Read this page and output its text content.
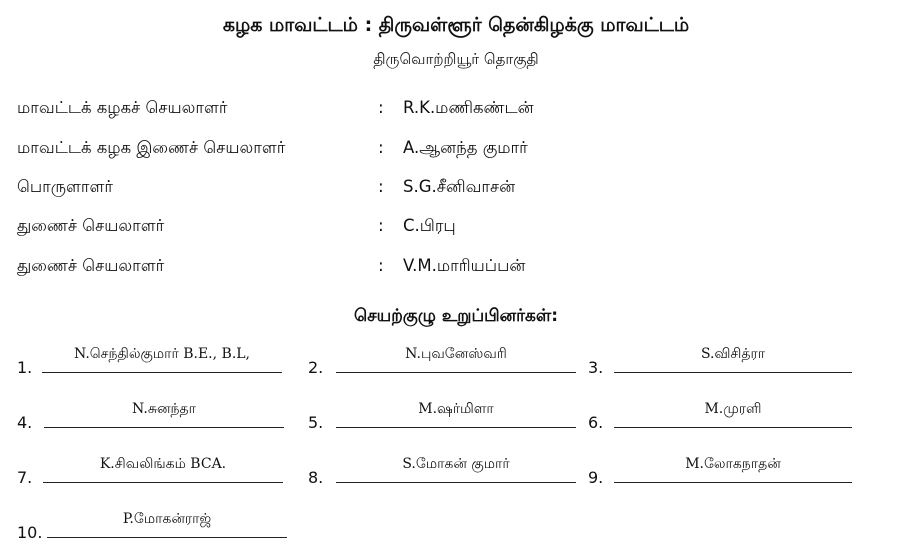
கழக மாவட்டம் : திருவள்ளூர் தென்கிழக்கு மாவட்டம்
திருவொற்றியூர் தொகுதி
மாவட்டக் கழகச் செயலாளர்	: R.K.மணிகண்டன்
மாவட்டக் கழக இணைச் செயலாளர்	: A.ஆனந்த குமார்
பொருளாளர்	: S.G.சீனிவாசன்
துணைச் செயலாளர்	: C.பிரபு
துணைச் செயலாளர்	: V.M.மாரியப்பன்
செயற்குழு உறுப்பினர்கள்:
1.
N.செந்தில்குமார் B.E., B.L,
2.
N.புவனேஸ்வரி
3.
S.விசித்ரா
4.
N.சுனந்தா
5.
M.ஷர்மிளா
6.
M.முரளி
7.
K.சிவலிங்கம் BCA.
8.
S.மோகன் குமார்
9.
M.லோகநாதன்
10.
P.மோகன்ராஜ்
